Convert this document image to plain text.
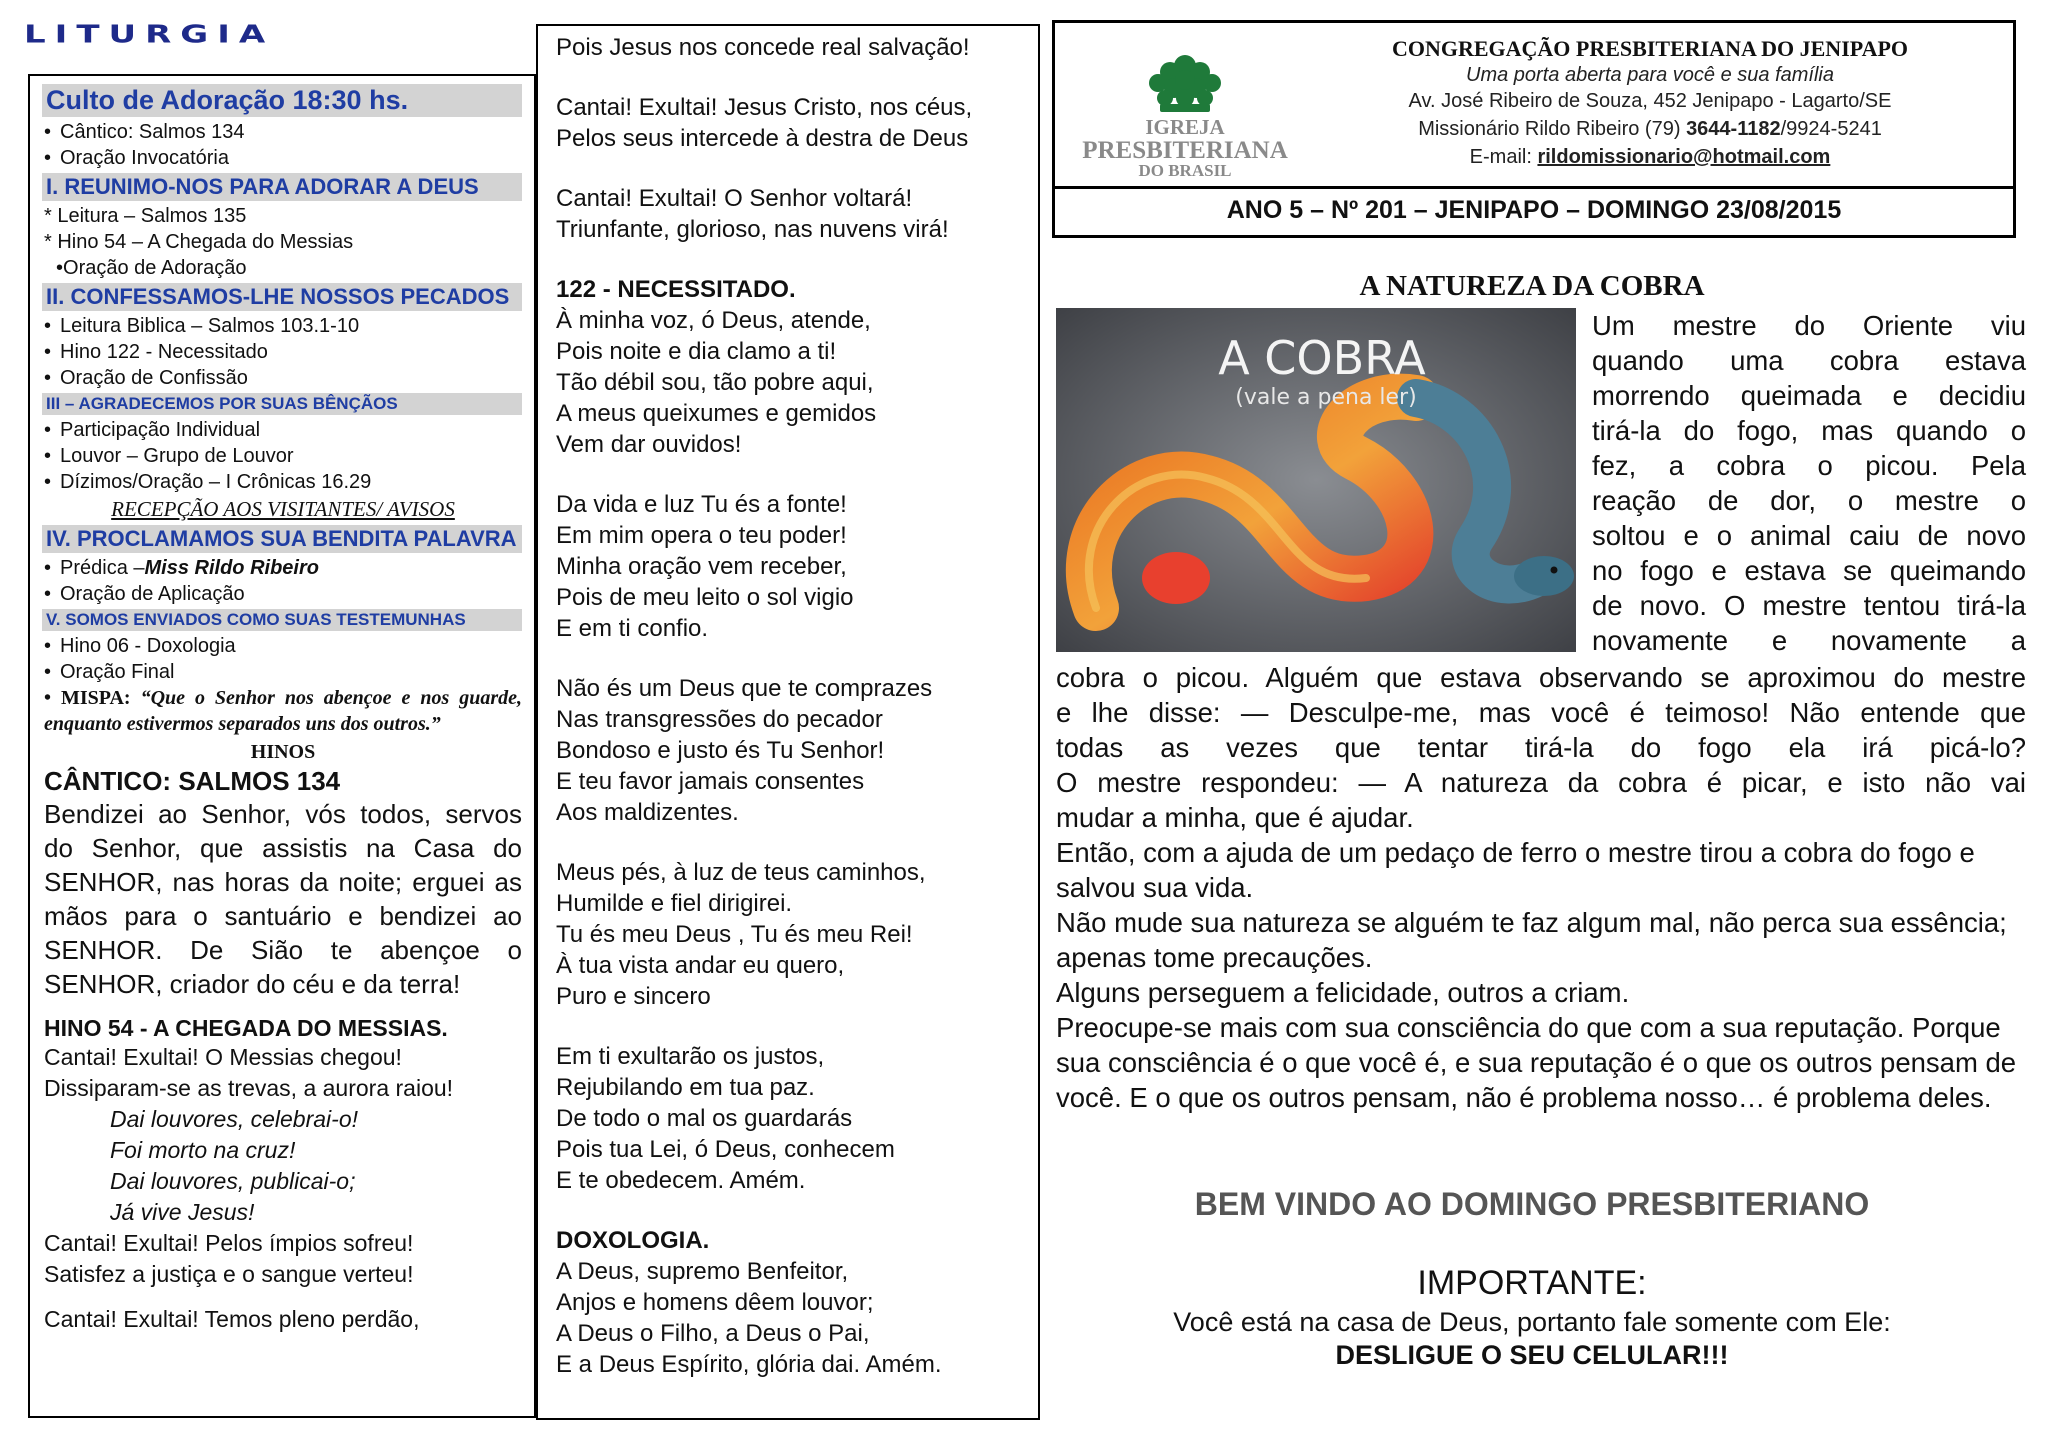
LITURGIA
Culto de Adoração 18:30 hs.
• Cântico: Salmos 134
• Oração Invocatória
I. REUNIMO-NOS PARA ADORAR A DEUS
* Leitura – Salmos 135
* Hino 54 – A Chegada do Messias
•Oração de Adoração
II. CONFESSAMOS-LHE NOSSOS PECADOS
• Leitura Biblica – Salmos 103.1-10
• Hino 122 - Necessitado
• Oração de Confissão
III – AGRADECEMOS POR SUAS BÊNÇÃOS
• Participação Individual
• Louvor – Grupo de Louvor
• Dízimos/Oração – I Crônicas 16.29
RECEPÇÃO AOS VISITANTES/ AVISOS
IV. PROCLAMAMOS SUA BENDITA PALAVRA
• Prédica –Miss Rildo Ribeiro
• Oração de Aplicação
V. SOMOS ENVIADOS COMO SUAS TESTEMUNHAS
• Hino 06 - Doxologia
• Oração Final
• MISPA: “Que o Senhor nos abençoe e nos guarde, enquanto estivermos separados uns dos outros.”
HINOS
CÂNTICO: SALMOS 134
Bendizei ao Senhor, vós todos, servos do Senhor, que assistis na Casa do SENHOR, nas horas da noite; erguei as mãos para o santuário e bendizei ao SENHOR. De Sião te abençoe o SENHOR, criador do céu e da terra!
HINO 54 - A CHEGADA DO MESSIAS.
Cantai! Exultai! O Messias chegou!
Dissiparam-se as trevas, a aurora raiou!
Dai louvores, celebrai-o!
Foi morto na cruz!
Dai louvores, publicai-o;
Já vive Jesus!
Cantai! Exultai! Pelos ímpios sofreu!
Satisfez a justiça e o sangue verteu!
Cantai! Exultai! Temos pleno perdão,
Pois Jesus nos concede real salvação!
Cantai! Exultai! Jesus Cristo, nos céus,
Pelos seus intercede à destra de Deus
Cantai! Exultai! O Senhor voltará!
Triunfante, glorioso, nas nuvens virá!
122 - NECESSITADO.
À minha voz, ó Deus, atende,
Pois noite e dia clamo a ti!
Tão débil sou, tão pobre aqui,
A meus queixumes e gemidos
Vem dar ouvidos!
Da vida e luz Tu és a fonte!
Em mim opera o teu poder!
Minha oração vem receber,
Pois de meu leito o sol vigio
E em ti confio.
Não és um Deus que te comprazes
Nas transgressões do pecador
Bondoso e justo és Tu Senhor!
E teu favor jamais consentes
Aos maldizentes.
Meus pés, à luz de teus caminhos,
Humilde e fiel dirigirei.
Tu és meu Deus , Tu és meu Rei!
À tua vista andar eu quero,
Puro e sincero
Em ti exultarão os justos,
Rejubilando em tua paz.
De todo o mal os guardarás
Pois tua Lei, ó Deus, conhecem
E te obedecem. Amém.
DOXOLOGIA.
A Deus, supremo Benfeitor,
Anjos e homens dêem louvor;
A Deus o Filho, a Deus o Pai,
E a Deus Espírito, glória dai. Amém.
IGREJA
PRESBITERIANA
DO BRASIL
CONGREGAÇÃO PRESBITERIANA DO JENIPAPO
Uma porta aberta para você e sua família
Av. José Ribeiro de Souza, 452 Jenipapo - Lagarto/SE
Missionário Rildo Ribeiro (79) 3644-1182/9924-5241
E-mail: rildomissionario@hotmail.com
ANO 5 – Nº 201 – JENIPAPO – DOMINGO 23/08/2015
A NATUREZA DA COBRA
A COBRA
(vale a pena ler)
Um mestre do Oriente viu
quando uma cobra estava
morrendo queimada e decidiu
tirá-la do fogo, mas quando o
fez, a cobra o picou. Pela
reação de dor, o mestre o
soltou e o animal caiu de novo
no fogo e estava se queimando
de novo. O mestre tentou tirá-la
novamente e novamente a
cobra o picou. Alguém que estava observando se aproximou do mestre
e lhe disse: — Desculpe-me, mas você é teimoso! Não entende que
todas as vezes que tentar tirá-la do fogo ela irá picá-lo?
O mestre respondeu: — A natureza da cobra é picar, e isto não vai
mudar a minha, que é ajudar.
Então, com a ajuda de um pedaço de ferro o mestre tirou a cobra do fogo e salvou sua vida.
Não mude sua natureza se alguém te faz algum mal, não perca sua essência; apenas tome precauções.
Alguns perseguem a felicidade, outros a criam.
Preocupe-se mais com sua consciência do que com a sua reputação. Porque sua consciência é o que você é, e sua reputação é o que os outros pensam de você. E o que os outros pensam, não é problema nosso… é problema deles.
BEM VINDO AO DOMINGO PRESBITERIANO
IMPORTANTE:
Você está na casa de Deus, portanto fale somente com Ele:
DESLIGUE O SEU CELULAR!!!
